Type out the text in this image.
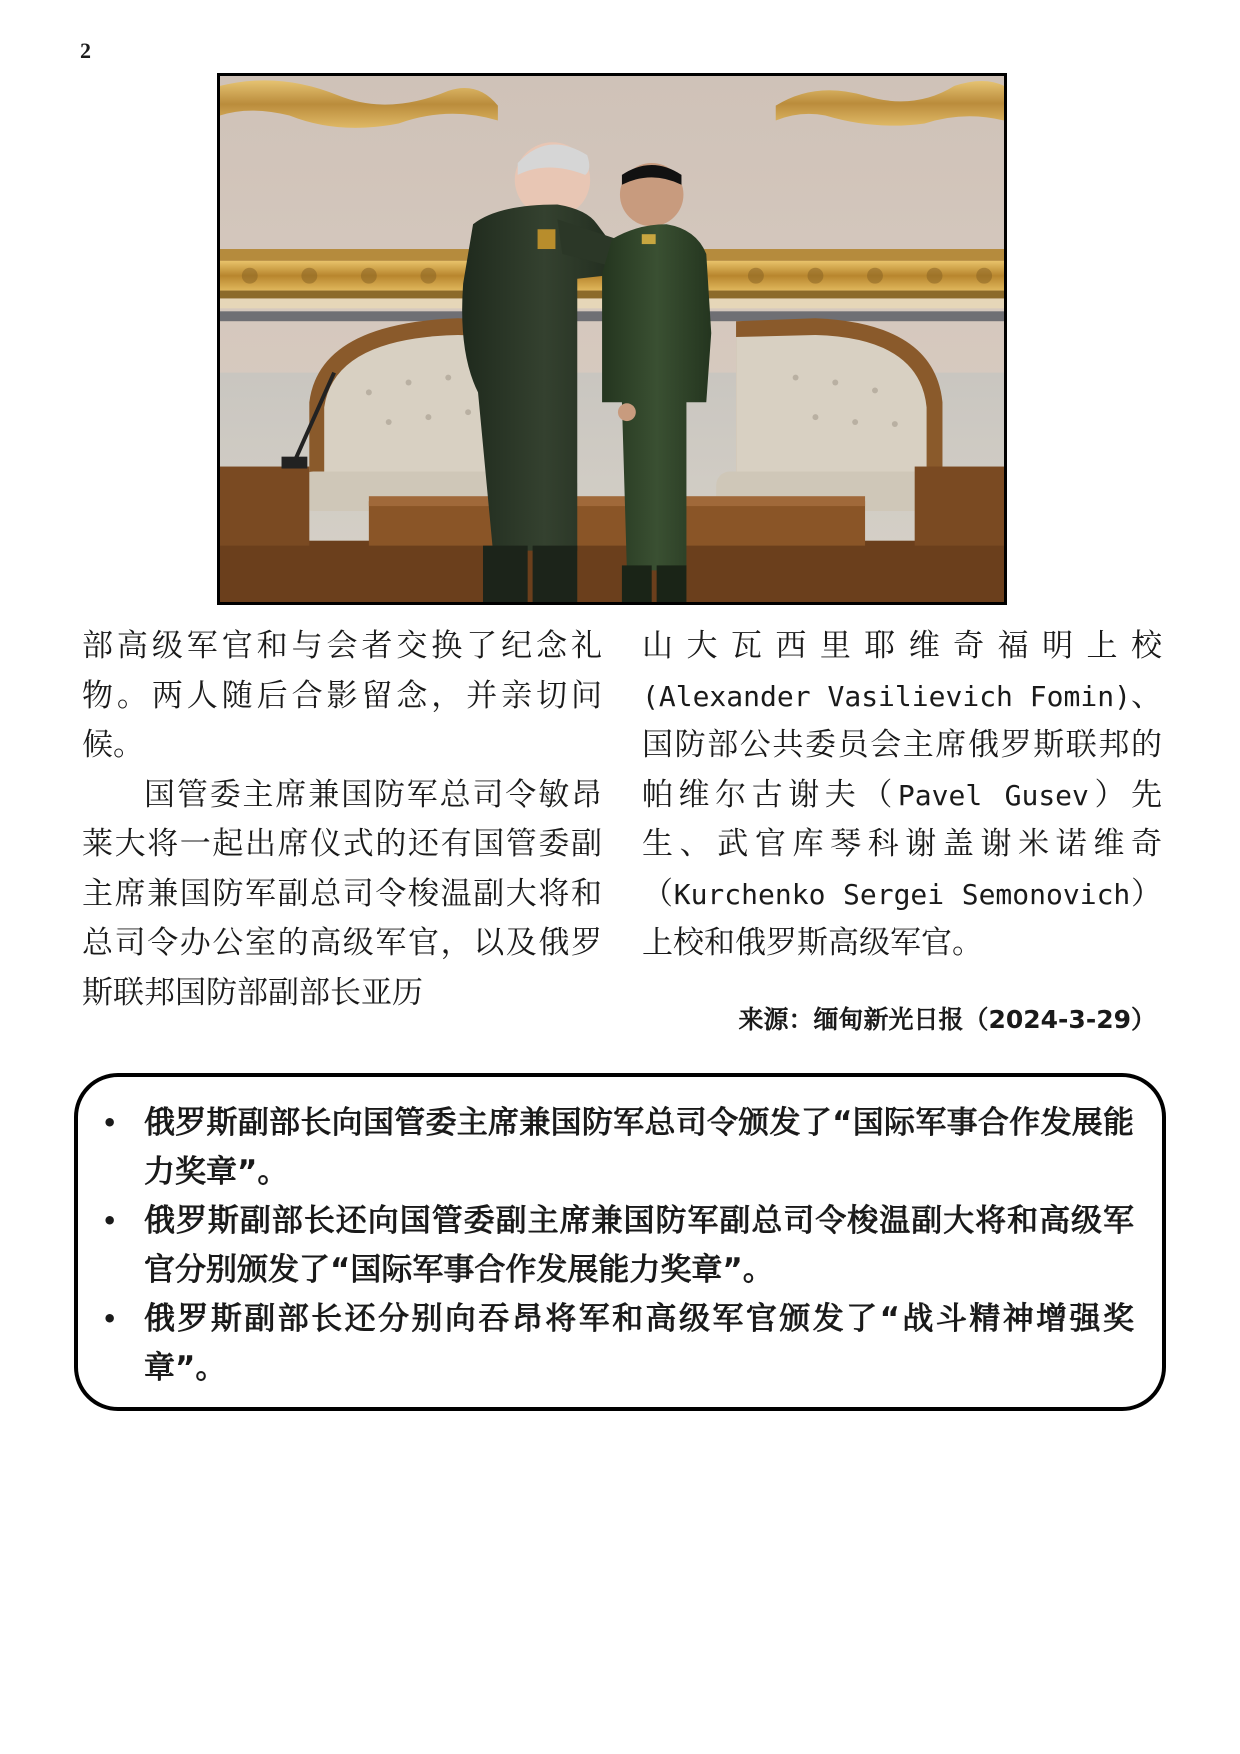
2

部高级军官和与会者交换了纪念礼物。两人随后合影留念，并亲切问候。

国管委主席兼国防军总司令敏昂莱大将一起出席仪式的还有国管委副主席兼国防军副总司令梭温副大将和总司令办公室的高级军官，以及俄罗斯联邦国防部副部长亚历

山大瓦西里耶维奇福明上校(Alexander Vasilievich Fomin)、国防部公共委员会主席俄罗斯联邦的帕维尔古谢夫（Pavel Gusev）先生、武官库琴科谢盖谢米诺维奇（Kurchenko Sergei Semonovich）上校和俄罗斯高级军官。

来源：缅甸新光日报（2024-3-29）
• 俄罗斯副部长向国管委主席兼国防军总司令颁发了“国际军事合作发展能力奖章”。
• 俄罗斯副部长还向国管委副主席兼国防军副总司令梭温副大将和高级军官分别颁发了“国际军事合作发展能力奖章”。
• 俄罗斯副部长还分别向吞昂将军和高级军官颁发了“战斗精神增强奖章”。
